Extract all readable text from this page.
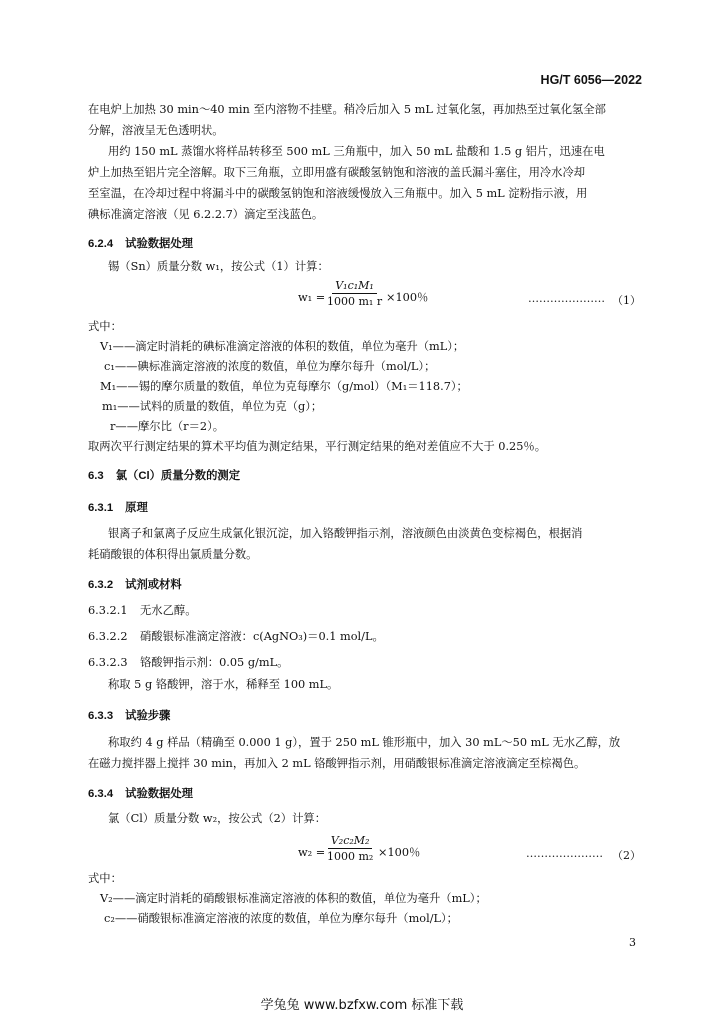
HG/T 6056—2022
在电炉上加热 30 min～40 min 至内溶物不挂壁。稍冷后加入 5 mL 过氧化氢，再加热至过氧化氢全部
分解，溶液呈无色透明状。
用约 150 mL 蒸馏水将样品转移至 500 mL 三角瓶中，加入 50 mL 盐酸和 1.5 g 铝片，迅速在电
炉上加热至铝片完全溶解。取下三角瓶，立即用盛有碳酸氢钠饱和溶液的盖氏漏斗塞住，用冷水冷却
至室温，在冷却过程中将漏斗中的碳酸氢钠饱和溶液缓慢放入三角瓶中。加入 5 mL 淀粉指示液，用
碘标准滴定溶液（见 6.2.2.7）滴定至浅蓝色。
6.2.4 试验数据处理
锡（Sn）质量分数 w₁，按公式（1）计算：
$w_1 = \frac{\text{V₁c₁M₁}}{\text{1000 m₁ r}} \times 100$％	………………… （1）
式中：
V₁——滴定时消耗的碘标准滴定溶液的体积的数值，单位为毫升（mL）；
c₁——碘标准滴定溶液的浓度的数值，单位为摩尔每升（mol/L）；
M₁——锡的摩尔质量的数值，单位为克每摩尔（g/mol）（M₁＝118.7）；
m₁——试料的质量的数值，单位为克（g）；
r——摩尔比（r＝2）。
取两次平行测定结果的算术平均值为测定结果，平行测定结果的绝对差值应不大于 0.25％。
6.3 氯（Cl）质量分数的测定
6.3.1 原理
银离子和氯离子反应生成氯化银沉淀，加入铬酸钾指示剂，溶液颜色由淡黄色变棕褐色，根据消
耗硝酸银的体积得出氯质量分数。
6.3.2 试剂或材料
6.3.2.1 无水乙醇。
6.3.2.2 硝酸银标准滴定溶液：c(AgNO₃)＝0.1 mol/L。
6.3.2.3 铬酸钾指示剂：0.05 g/mL。
称取 5 g 铬酸钾，溶于水，稀释至 100 mL。
6.3.3 试验步骤
称取约 4 g 样品（精确至 0.000 1 g），置于 250 mL 锥形瓶中，加入 30 mL～50 mL 无水乙醇，放
在磁力搅拌器上搅拌 30 min，再加入 2 mL 铬酸钾指示剂，用硝酸银标准滴定溶液滴定至棕褐色。
6.3.4 试验数据处理
氯（Cl）质量分数 w₂，按公式（2）计算：
$w_2 = \frac{\text{V₂c₂M₂}}{\text{1000 m₂}} \times 100$％	………………… （2）
式中：
V₂——滴定时消耗的硝酸银标准滴定溶液的体积的数值，单位为毫升（mL）；
c₂——硝酸银标准滴定溶液的浓度的数值，单位为摩尔每升（mol/L）；
3
学兔兔 www.bzfxw.com 标准下载
